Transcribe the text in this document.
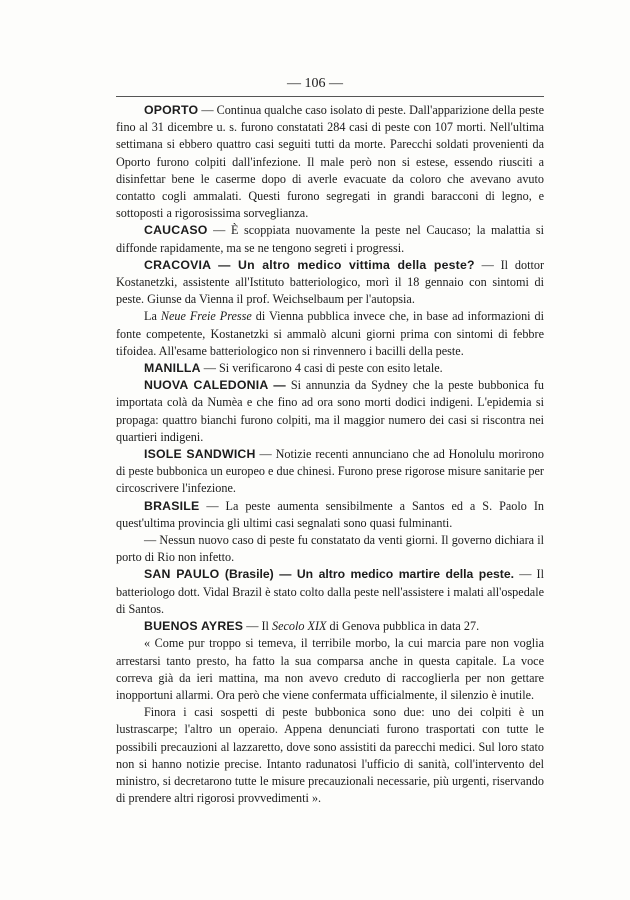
— 106 —

OPORTO — Continua qualche caso isolato di peste. Dall'apparizione della peste fino al 31 dicembre u. s. furono constatati 284 casi di peste con 107 morti. Nell'ultima settimana si ebbero quattro casi seguiti tutti da morte. Parecchi soldati provenienti da Oporto furono colpiti dall'infezione. Il male però non si estese, essendo riusciti a disinfettar bene le caserme dopo di averle evacuate da coloro che avevano avuto contatto cogli ammalati. Questi furono segregati in grandi baracconi di legno, e sottoposti a rigorosissima sorveglianza.

CAUCASO — È scoppiata nuovamente la peste nel Caucaso; la malattia si diffonde rapidamente, ma se ne tengono segreti i progressi.

CRACOVIA — Un altro medico vittima della peste? — Il dottor Kostanetzki, assistente all'Istituto batteriologico, morì il 18 gennaio con sintomi di peste. Giunse da Vienna il prof. Weichselbaum per l'autopsia.

La Neue Freie Presse di Vienna pubblica invece che, in base ad informazioni di fonte competente, Kostanetzki si ammalò alcuni giorni prima con sintomi di febbre tifoidea. All'esame batteriologico non si rinvennero i bacilli della peste.

MANILLA — Si verificarono 4 casi di peste con esito letale.

NUOVA CALEDONIA — Si annunzia da Sydney che la peste bubbonica fu importata colà da Numèa e che fino ad ora sono morti dodici indigeni. L'epidemia si propaga: quattro bianchi furono colpiti, ma il maggior numero dei casi si riscontra nei quartieri indigeni.

ISOLE SANDWICH — Notizie recenti annunciano che ad Honolulu morirono di peste bubbonica un europeo e due chinesi. Furono prese rigorose misure sanitarie per circoscrivere l'infezione.

BRASILE — La peste aumenta sensibilmente a Santos ed a S. Paolo In quest'ultima provincia gli ultimi casi segnalati sono quasi fulminanti.

— Nessun nuovo caso di peste fu constatato da venti giorni. Il governo dichiara il porto di Rio non infetto.

SAN PAULO (Brasile) — Un altro medico martire della peste. — Il batteriologo dott. Vidal Brazil è stato colto dalla peste nell'assistere i malati all'ospedale di Santos.

BUENOS AYRES — Il Secolo XIX di Genova pubblica in data 27.

« Come pur troppo si temeva, il terribile morbo, la cui marcia pare non voglia arrestarsi tanto presto, ha fatto la sua comparsa anche in questa capitale. La voce correva già da ieri mattina, ma non avevo creduto di raccoglierla per non gettare inopportuni allarmi. Ora però che viene confermata ufficialmente, il silenzio è inutile.

Finora i casi sospetti di peste bubbonica sono due: uno dei colpiti è un lustrascarpe; l'altro un operaio. Appena denunciati furono trasportati con tutte le possibili precauzioni al lazzaretto, dove sono assistiti da parecchi medici. Sul loro stato non si hanno notizie precise. Intanto radunatosi l'ufficio di sanità, coll'intervento del ministro, si decretarono tutte le misure precauzionali necessarie, più urgenti, riservando di prendere altri rigorosi provvedimenti ».
